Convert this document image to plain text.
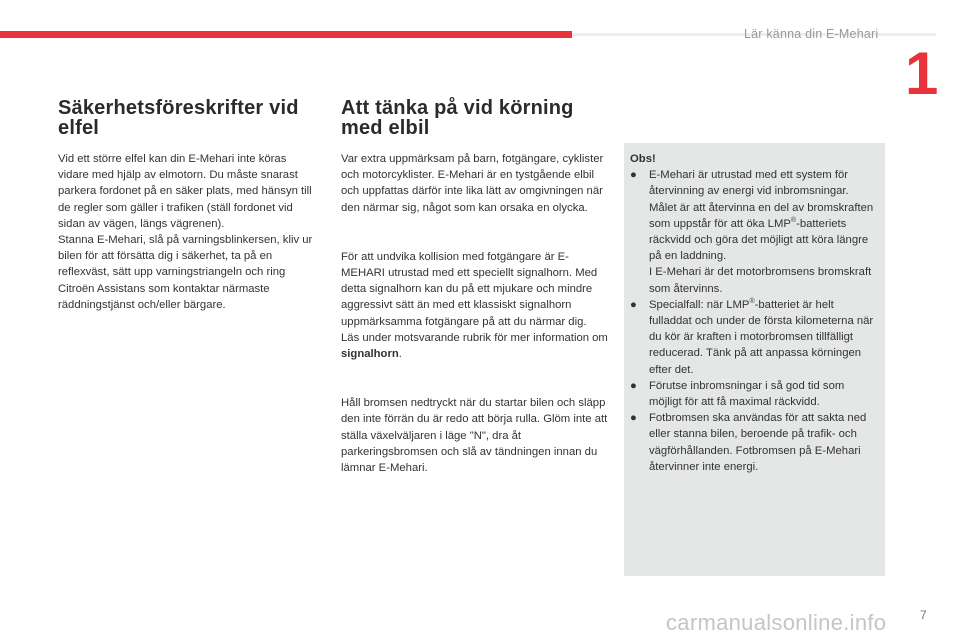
Lär känna din E-Mehari
1
Säkerhetsföreskrifter vid elfel

Vid ett större elfel kan din E-Mehari inte köras vidare med hjälp av elmotorn. Du måste snarast parkera fordonet på en säker plats, med hänsyn till de regler som gäller i trafiken (ställ fordonet vid sidan av vägen, längs vägrenen).

Stanna E-Mehari, slå på varningsblinkersen, kliv ur bilen för att försätta dig i säkerhet, ta på en reflexväst, sätt upp varningstriangeln och ring Citroën Assistans som kontaktar närmaste räddningstjänst och/eller bärgare.

Att tänka på vid körning med elbil

Var extra uppmärksam på barn, fotgängare, cyklister och motorcyklister. E-Mehari är en tystgående elbil och uppfattas därför inte lika lätt av omgivningen när den närmar sig, något som kan orsaka en olycka.

För att undvika kollision med fotgängare är E-MEHARI utrustad med ett speciellt signalhorn. Med detta signalhorn kan du på ett mjukare och mindre aggressivt sätt än med ett klassiskt signalhorn uppmärksamma fotgängare på att du närmar dig.

Läs under motsvarande rubrik för mer information om signalhorn.

Håll bromsen nedtryckt när du startar bilen och släpp den inte förrän du är redo att börja rulla. Glöm inte att ställa växelväljaren i läge "N", dra åt parkeringsbromsen och slå av tändningen innan du lämnar E-Mehari.

Obs!
●	E-Mehari är utrustad med ett system för återvinning av energi vid inbromsningar. Målet är att återvinna en del av bromskraften som uppstår för att öka LMP®-batteriets räckvidd och göra det möjligt att köra längre på en laddning.
I E-Mehari är det motorbromsens bromskraft som återvinns.
●	Specialfall: när LMP®-batteriet är helt fulladdat och under de första kilometerna när du kör är kraften i motorbromsen tillfälligt reducerad. Tänk på att anpassa körningen efter det.
●	Förutse inbromsningar i så god tid som möjligt för att få maximal räckvidd.
●	Fotbromsen ska användas för att sakta ned eller stanna bilen, beroende på trafik- och vägförhållanden. Fotbromsen på E-Mehari återvinner inte energi.
carmanualsonline.info	7
